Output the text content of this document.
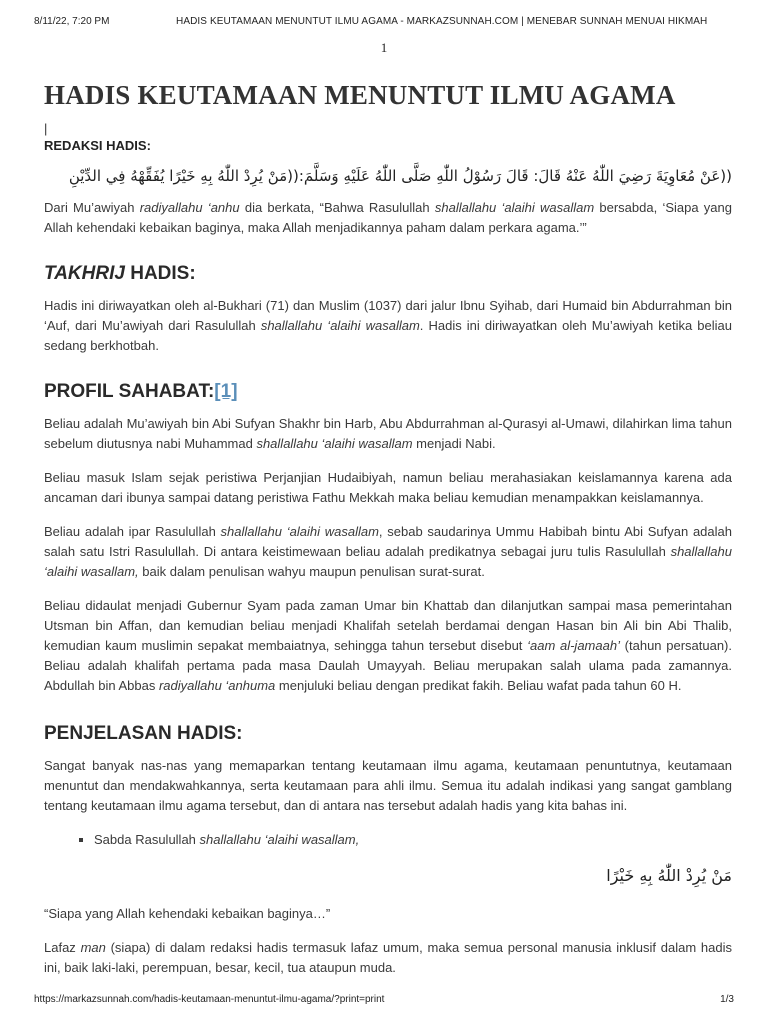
8/11/22, 7:20 PM	HADIS KEUTAMAAN MENUNTUT ILMU AGAMA - MARKAZSUNNAH.COM | MENEBAR SUNNAH MENUAI HIKMAH
1
HADIS KEUTAMAAN MENUNTUT ILMU AGAMA
|
REDAKSI HADIS:
((عَنْ مُعَاوِيَةَ رَضِيَ اللّٰهُ عَنْهُ قَالَ: قَالَ رَسُوْلُ اللّٰهِ صَلَّى اللّٰهُ عَلَيْهِ وَسَلَّمَ:((مَنْ يُرِدْ اللّٰهُ بِهِ خَيْرًا يُفَقِّهْهُ فِي الدِّيْنِ

Dari Mu’awiyah radiyallahu ‘anhu dia berkata, “Bahwa Rasulullah shallallahu ‘alaihi wasallam bersabda, ‘Siapa yang Allah kehendaki kebaikan baginya, maka Allah menjadikannya paham dalam perkara agama.’”

TAKHRIJ HADIS:

Hadis ini diriwayatkan oleh al-Bukhari (71) dan Muslim (1037) dari jalur Ibnu Syihab, dari Humaid bin Abdurrahman bin ‘Auf, dari Mu’awiyah dari Rasulullah shallallahu ‘alaihi wasallam. Hadis ini diriwayatkan oleh Mu’awiyah ketika beliau sedang berkhotbah.

PROFIL SAHABAT:[1]

Beliau adalah Mu’awiyah bin Abi Sufyan Shakhr bin Harb, Abu Abdurrahman al-Qurasyi al-Umawi, dilahirkan lima tahun sebelum diutusnya nabi Muhammad shallallahu ‘alaihi wasallam menjadi Nabi.

Beliau masuk Islam sejak peristiwa Perjanjian Hudaibiyah, namun beliau merahasiakan keislamannya karena ada ancaman dari ibunya sampai datang peristiwa Fathu Mekkah maka beliau kemudian menampakkan keislamannya.

Beliau adalah ipar Rasulullah shallallahu ‘alaihi wasallam, sebab saudarinya Ummu Habibah bintu Abi Sufyan adalah salah satu Istri Rasulullah. Di antara keistimewaan beliau adalah predikatnya sebagai juru tulis Rasulullah shallallahu ‘alaihi wasallam, baik dalam penulisan wahyu maupun penulisan surat-surat.

Beliau didaulat menjadi Gubernur Syam pada zaman Umar bin Khattab dan dilanjutkan sampai masa pemerintahan Utsman bin Affan, dan kemudian beliau menjadi Khalifah setelah berdamai dengan Hasan bin Ali bin Abi Thalib, kemudian kaum muslimin sepakat membaiatnya, sehingga tahun tersebut disebut ‘aam al-jamaah’ (tahun persatuan). Beliau adalah khalifah pertama pada masa Daulah Umayyah. Beliau merupakan salah ulama pada zamannya. Abdullah bin Abbas radiyallahu ‘anhuma menjuluki beliau dengan predikat fakih. Beliau wafat pada tahun 60 H.

PENJELASAN HADIS:

Sangat banyak nas-nas yang memaparkan tentang keutamaan ilmu agama, keutamaan penuntutnya, keutamaan menuntut dan mendakwahkannya, serta keutamaan para ahli ilmu. Semua itu adalah indikasi yang sangat gamblang tentang keutamaan ilmu agama tersebut, dan di antara nas tersebut adalah hadis yang kita bahas ini.

▪ Sabda Rasulullah shallallahu ‘alaihi wasallam,
مَنْ يُرِدْ اللّٰهُ بِهِ خَيْرًا

“Siapa yang Allah kehendaki kebaikan baginya…”

Lafaz man (siapa) di dalam redaksi hadis termasuk lafaz umum, maka semua personal manusia inklusif dalam hadis ini, baik laki-laki, perempuan, besar, kecil, tua ataupun muda.

https://markazsunnah.com/hadis-keutamaan-menuntut-ilmu-agama/?print=print	1/3
